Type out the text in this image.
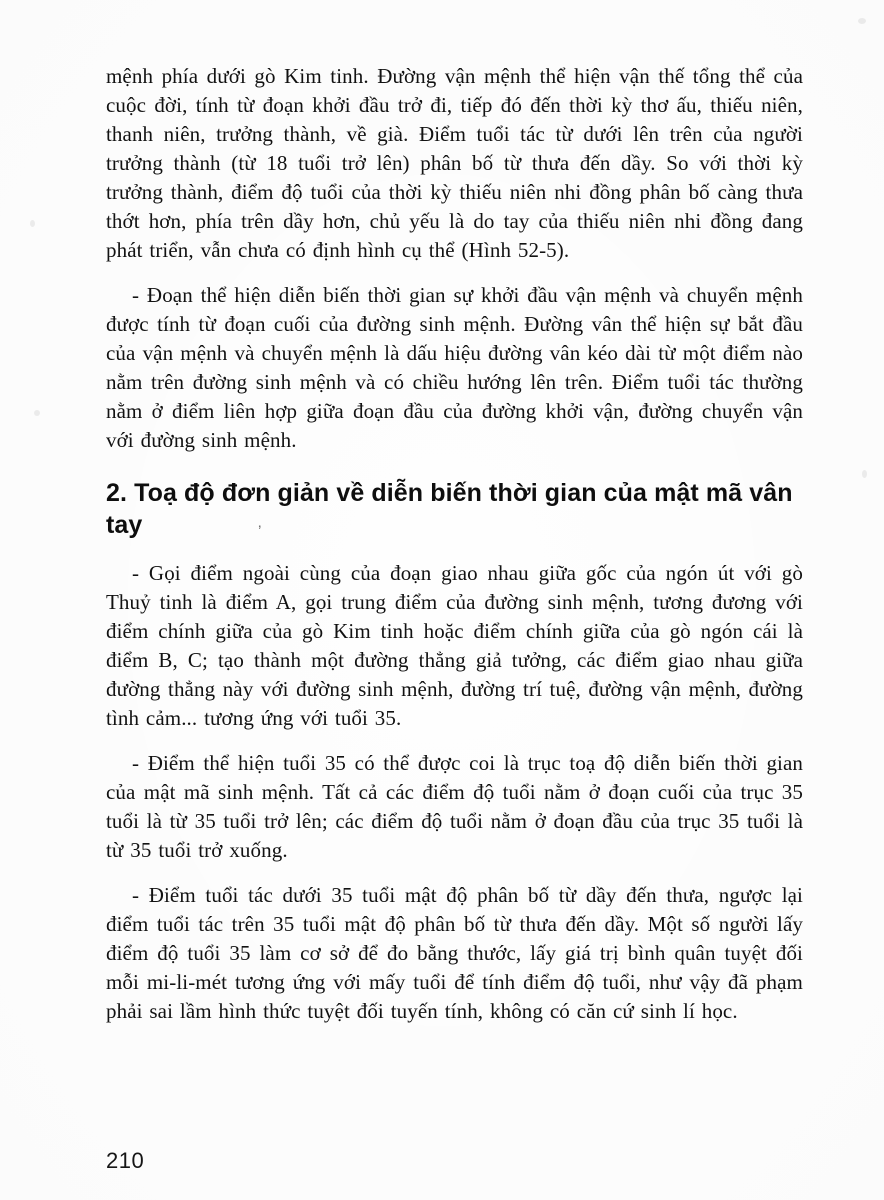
mệnh phía dưới gò Kim tinh. Đường vận mệnh thể hiện vận thế tổng thể của cuộc đời, tính từ đoạn khởi đầu trở đi, tiếp đó đến thời kỳ thơ ấu, thiếu niên, thanh niên, trưởng thành, về già. Điểm tuổi tác từ dưới lên trên của người trưởng thành (từ 18 tuổi trở lên) phân bố từ thưa đến dầy. So với thời kỳ trưởng thành, điểm độ tuổi của thời kỳ thiếu niên nhi đồng phân bố càng thưa thớt hơn, phía trên dầy hơn, chủ yếu là do tay của thiếu niên nhi đồng đang phát triển, vẫn chưa có định hình cụ thể (Hình 52-5).

- Đoạn thể hiện diễn biến thời gian sự khởi đầu vận mệnh và chuyển mệnh được tính từ đoạn cuối của đường sinh mệnh. Đường vân thể hiện sự bắt đầu của vận mệnh và chuyển mệnh là dấu hiệu đường vân kéo dài từ một điểm nào nằm trên đường sinh mệnh và có chiều hướng lên trên. Điểm tuổi tác thường nằm ở điểm liên hợp giữa đoạn đầu của đường khởi vận, đường chuyển vận với đường sinh mệnh.

2. Toạ độ đơn giản về diễn biến thời gian của mật mã vân tay	ʼ

- Gọi điểm ngoài cùng của đoạn giao nhau giữa gốc của ngón út với gò Thuỷ tinh là điểm A, gọi trung điểm của đường sinh mệnh, tương đương với điểm chính giữa của gò Kim tinh hoặc điểm chính giữa của gò ngón cái là điểm B, C; tạo thành một đường thẳng giả tưởng, các điểm giao nhau giữa đường thẳng này với đường sinh mệnh, đường trí tuệ, đường vận mệnh, đường tình cảm... tương ứng với tuổi 35.

- Điểm thể hiện tuổi 35 có thể được coi là trục toạ độ diễn biến thời gian của mật mã sinh mệnh. Tất cả các điểm độ tuổi nằm ở đoạn cuối của trục 35 tuổi là từ 35 tuổi trở lên; các điểm độ tuổi nằm ở đoạn đầu của trục 35 tuổi là từ 35 tuổi trở xuống.

- Điểm tuổi tác dưới 35 tuổi mật độ phân bố từ dầy đến thưa, ngược lại điểm tuổi tác trên 35 tuổi mật độ phân bố từ thưa đến dầy. Một số người lấy điểm độ tuổi 35 làm cơ sở để đo bằng thước, lấy giá trị bình quân tuyệt đối mỗi mi-li-mét tương ứng với mấy tuổi để tính điểm độ tuổi, như vậy đã phạm phải sai lầm hình thức tuyệt đối tuyến tính, không có căn cứ sinh lí học.

210
